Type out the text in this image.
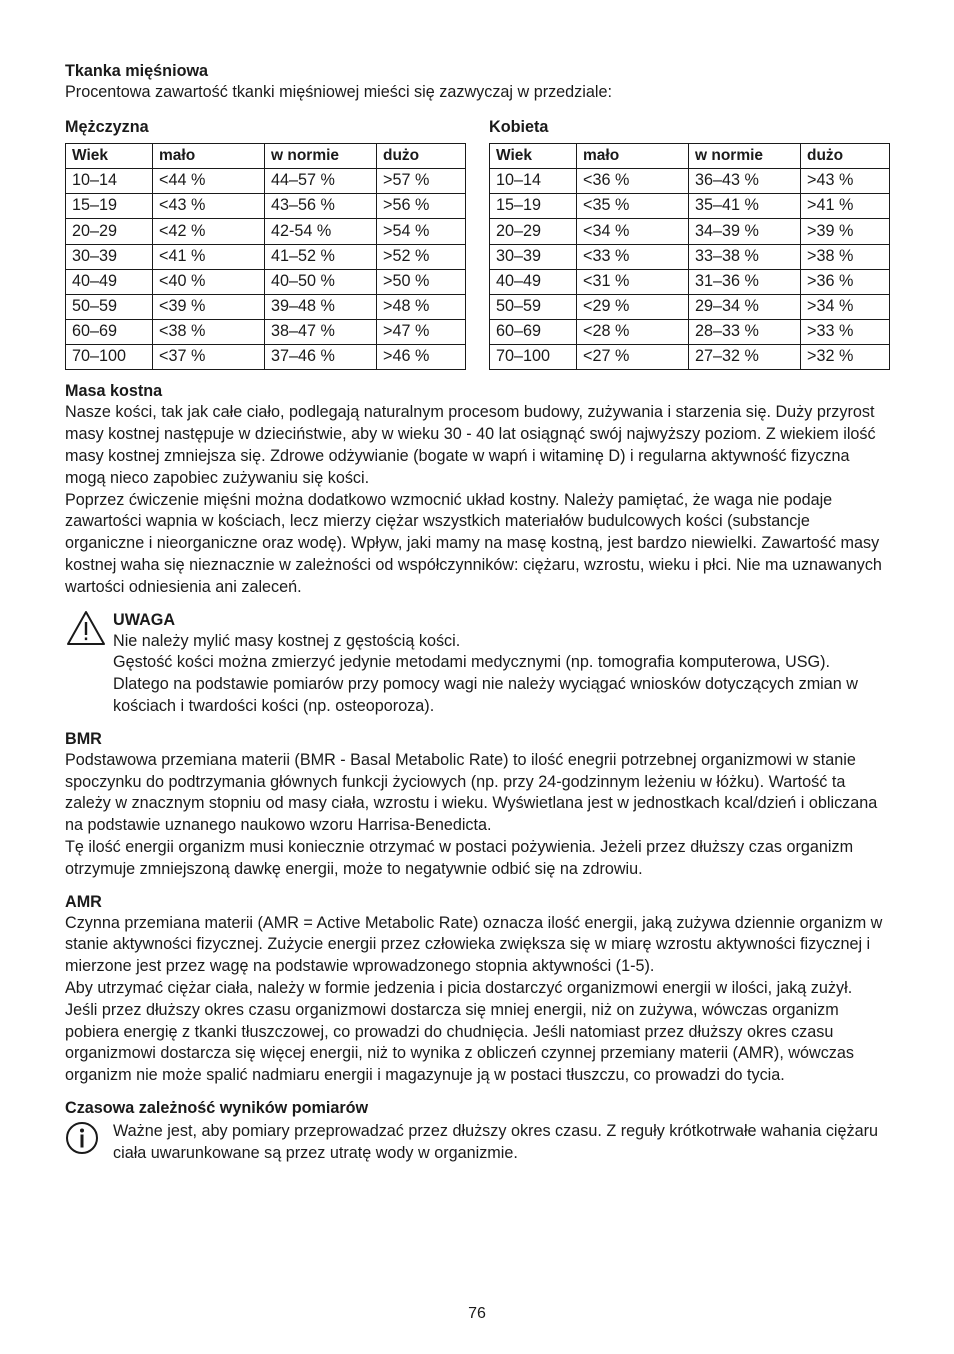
Tkanka mięśniowa

Procentowa zawartość tkanki mięśniowej mieści się zazwyczaj w przedziale:

Mężczyzna
Wiek	mało	w normie	dużo
10–14	<44 %	44–57 %	>57 %
15–19	<43 %	43–56 %	>56 %
20–29	<42 %	42-54 %	>54 %
30–39	<41 %	41–52 %	>52 %
40–49	<40 %	40–50 %	>50 %
50–59	<39 %	39–48 %	>48 %
60–69	<38 %	38–47 %	>47 %
70–100	<37 %	37–46 %	>46 %
Kobieta
Wiek	mało	w normie	dużo
10–14	<36 %	36–43 %	>43 %
15–19	<35 %	35–41 %	>41 %
20–29	<34 %	34–39 %	>39 %
30–39	<33 %	33–38 %	>38 %
40–49	<31 %	31–36 %	>36 %
50–59	<29 %	29–34 %	>34 %
60–69	<28 %	28–33 %	>33 %
70–100	<27 %	27–32 %	>32 %
Masa kostna

Nasze kości, tak jak całe ciało, podlegają naturalnym procesom budowy, zużywania i starzenia się. Duży przyrost masy kostnej następuje w dzieciństwie, aby w wieku 30 - 40 lat osiągnąć swój najwyższy poziom. Z wiekiem ilość masy kostnej zmniejsza się. Zdrowe odżywianie (bogate w wapń i witaminę D) i regularna aktywność fizyczna mogą nieco zapobiec zużywaniu się kości.

Poprzez ćwiczenie mięśni można dodatkowo wzmocnić układ kostny. Należy pamiętać, że waga nie podaje zawartości wapnia w kościach, lecz mierzy ciężar wszystkich materiałów budulcowych kości (substancje organiczne i nieorganiczne oraz wodę). Wpływ, jaki mamy na masę kostną, jest bardzo niewielki. Zawartość masy kostnej waha się nieznacznie w zależności od współczynników: ciężaru, wzrostu, wieku i płci. Nie ma uznawanych wartości odniesienia ani zaleceń.

UWAGA

Nie należy mylić masy kostnej z gęstością kości.

Gęstość kości można zmierzyć jedynie metodami medycznymi (np. tomografia komputerowa, USG). Dlatego na podstawie pomiarów przy pomocy wagi nie należy wyciągać wniosków dotyczących zmian w kościach i twardości kości (np. osteoporoza).

BMR

Podstawowa przemiana materii (BMR - Basal Metabolic Rate) to ilość enegrii potrzebnej organizmowi w stanie spoczynku do podtrzymania głównych funkcji życiowych (np. przy 24-godzinnym leżeniu w łóżku). Wartość ta zależy w znacznym stopniu od masy ciała, wzrostu i wieku. Wyświetlana jest w jednostkach kcal/dzień i obliczana na podstawie uznanego naukowo wzoru Harrisa-Benedicta.

Tę ilość energii organizm musi koniecznie otrzymać w postaci pożywienia. Jeżeli przez dłuższy czas organizm otrzymuje zmniejszoną dawkę energii, może to negatywnie odbić się na zdrowiu.

AMR

Czynna przemiana materii (AMR = Active Metabolic Rate) oznacza ilość energii, jaką zużywa dziennie organizm w stanie aktywności fizycznej. Zużycie energii przez człowieka zwiększa się w miarę wzrostu aktywności fizycznej i mierzone jest przez wagę na podstawie wprowadzonego stopnia aktywności (1-5).

Aby utrzymać ciężar ciała, należy w formie jedzenia i picia dostarczyć organizmowi energii w ilości, jaką zużył. Jeśli przez dłuższy okres czasu organizmowi dostarcza się mniej energii, niż on zużywa, wówczas organizm pobiera energię z tkanki tłuszczowej, co prowadzi do chudnięcia. Jeśli natomiast przez dłuższy okres czasu organizmowi dostarcza się więcej energii, niż to wynika z obliczeń czynnej przemiany materii (AMR), wówczas organizm nie może spalić nadmiaru energii i magazynuje ją w postaci tłuszczu, co prowadzi do tycia.

Czasowa zależność wyników pomiarów

Ważne jest, aby pomiary przeprowadzać przez dłuższy okres czasu. Z reguły krótkotrwałe wahania ciężaru ciała uwarunkowane są przez utratę wody w organizmie.

76
